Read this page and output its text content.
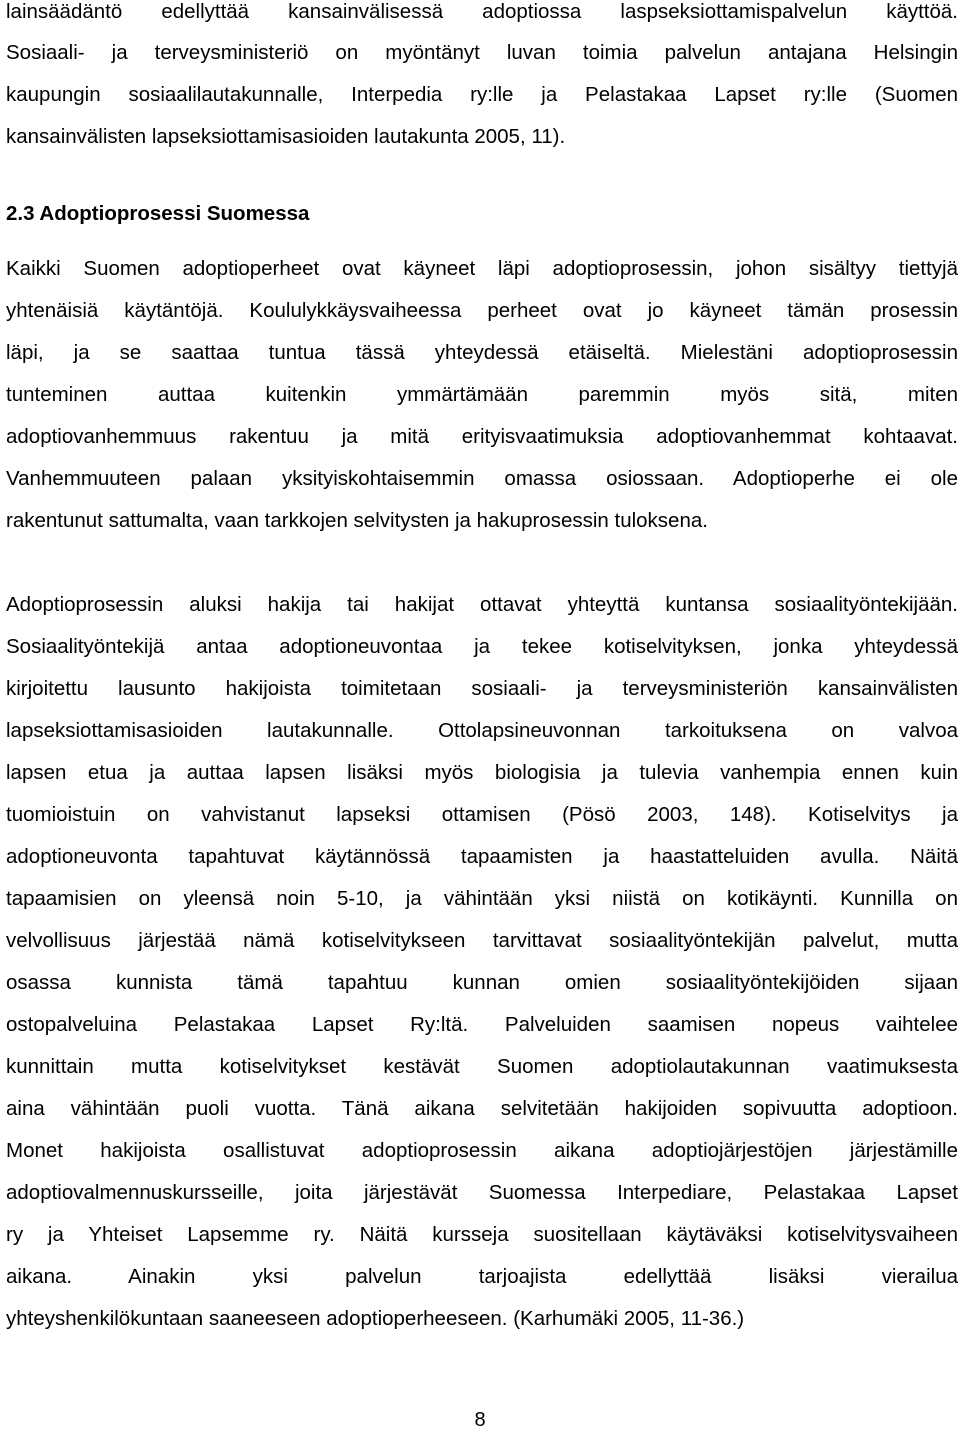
lainsäädäntö edellyttää kansainvälisessä adoptiossa laspseksiottamispalvelun käyttöä.
Sosiaali- ja terveysministeriö on myöntänyt luvan toimia palvelun antajana Helsingin
kaupungin sosiaalilautakunnalle, Interpedia ry:lle ja Pelastakaa Lapset ry:lle (Suomen
kansainvälisten lapseksiottamisasioiden lautakunta 2005, 11).
2.3 Adoptioprosessi Suomessa
Kaikki Suomen adoptioperheet ovat käyneet läpi adoptioprosessin, johon sisältyy tiettyjä
yhtenäisiä käytäntöjä. Koululykkäysvaiheessa perheet ovat jo käyneet tämän prosessin
läpi, ja se saattaa tuntua tässä yhteydessä etäiseltä. Mielestäni adoptioprosessin
tunteminen auttaa kuitenkin ymmärtämään paremmin myös sitä, miten
adoptiovanhemmuus rakentuu ja mitä erityisvaatimuksia adoptiovanhemmat kohtaavat.
Vanhemmuuteen palaan yksityiskohtaisemmin omassa osiossaan. Adoptioperhe ei ole
rakentunut sattumalta, vaan tarkkojen selvitysten ja hakuprosessin tuloksena.
Adoptioprosessin aluksi hakija tai hakijat ottavat yhteyttä kuntansa sosiaalityöntekijään.
Sosiaalityöntekijä antaa adoptioneuvontaa ja tekee kotiselvityksen, jonka yhteydessä
kirjoitettu lausunto hakijoista toimitetaan sosiaali- ja terveysministeriön kansainvälisten
lapseksiottamisasioiden lautakunnalle. Ottolapsineuvonnan tarkoituksena on valvoa
lapsen etua ja auttaa lapsen lisäksi myös biologisia ja tulevia vanhempia ennen kuin
tuomioistuin on vahvistanut lapseksi ottamisen (Pösö 2003, 148). Kotiselvitys ja
adoptioneuvonta tapahtuvat käytännössä tapaamisten ja haastatteluiden avulla. Näitä
tapaamisien on yleensä noin 5-10, ja vähintään yksi niistä on kotikäynti. Kunnilla on
velvollisuus järjestää nämä kotiselvitykseen tarvittavat sosiaalityöntekijän palvelut, mutta
osassa kunnista tämä tapahtuu kunnan omien sosiaalityöntekijöiden sijaan
ostopalveluina Pelastakaa Lapset Ry:ltä. Palveluiden saamisen nopeus vaihtelee
kunnittain mutta kotiselvitykset kestävät Suomen adoptiolautakunnan vaatimuksesta
aina vähintään puoli vuotta. Tänä aikana selvitetään hakijoiden sopivuutta adoptioon.
Monet hakijoista osallistuvat adoptioprosessin aikana adoptiojärjestöjen järjestämille
adoptiovalmennuskursseille, joita järjestävät Suomessa Interpediare, Pelastakaa Lapset
ry ja Yhteiset Lapsemme ry. Näitä kursseja suositellaan käytäväksi kotiselvitysvaiheen
aikana. Ainakin yksi palvelun tarjoajista edellyttää lisäksi vierailua
yhteyshenkilökuntaan saaneeseen adoptioperheeseen. (Karhumäki 2005, 11-36.)
8
